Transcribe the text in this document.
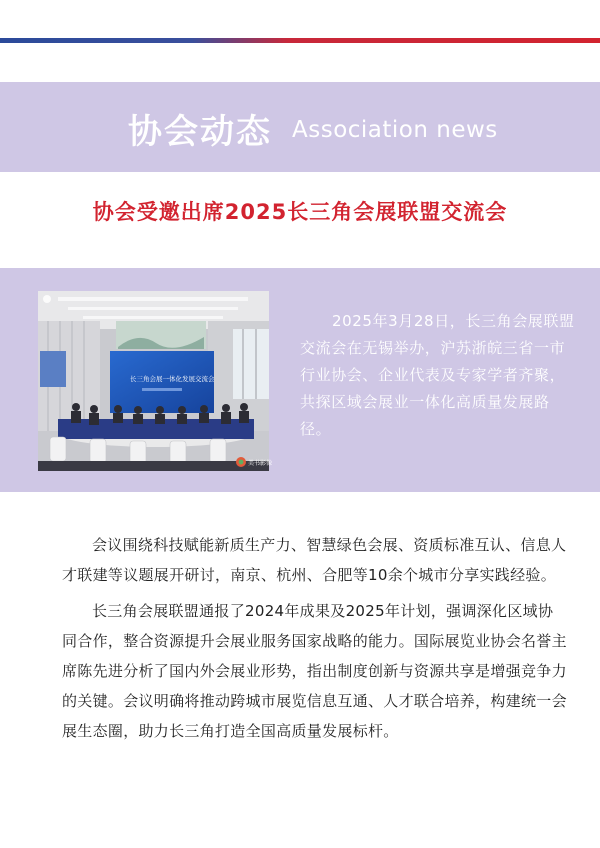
协会动态 Association news
协会受邀出席2025长三角会展联盟交流会
长三角会展一体化发展交流会
美书影像
2025年3月28日，长三角会展联盟交流会在无锡举办，沪苏浙皖三省一市行业协会、企业代表及专家学者齐聚，共探区域会展业一体化高质量发展路径。

会议围绕科技赋能新质生产力、智慧绿色会展、资质标准互认、信息人才联建等议题展开研讨，南京、杭州、合肥等10余个城市分享实践经验。

长三角会展联盟通报了2024年成果及2025年计划，强调深化区域协同合作，整合资源提升会展业服务国家战略的能力。国际展览业协会名誉主席陈先进分析了国内外会展业形势，指出制度创新与资源共享是增强竞争力的关键。会议明确将推动跨城市展览信息互通、人才联合培养，构建统一会展生态圈，助力长三角打造全国高质量发展标杆。
